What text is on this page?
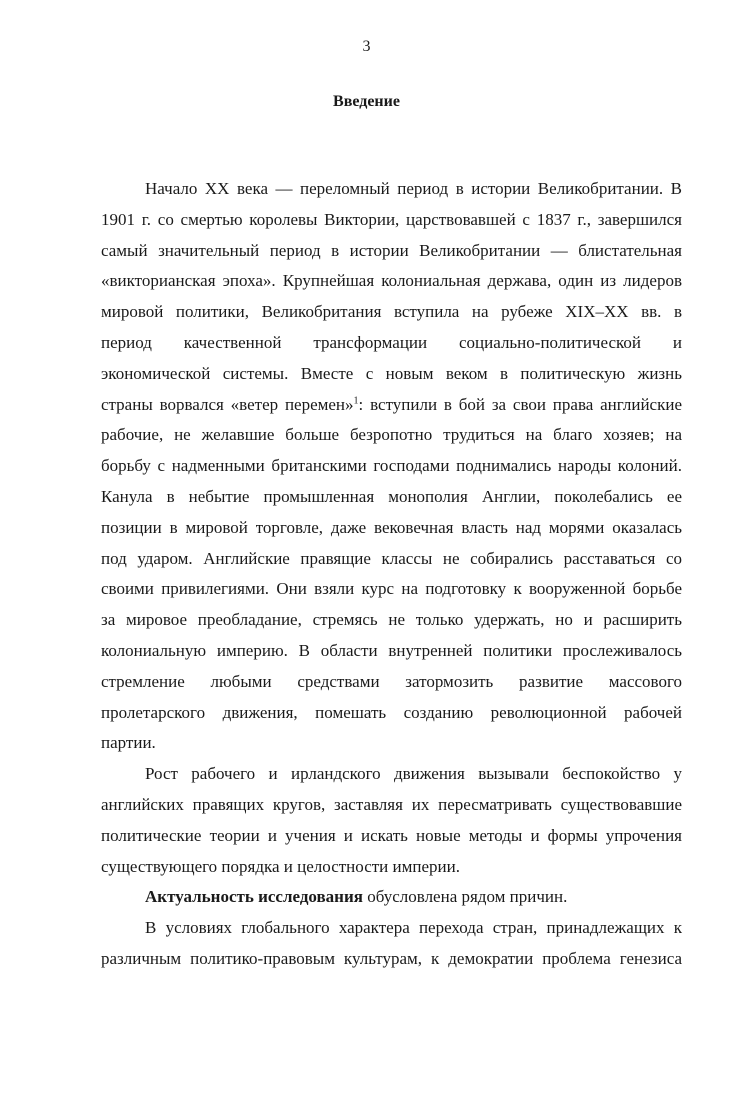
3
Введение
Начало XX века — переломный период в истории Великобритании. В
1901 г. со смертью королевы Виктории, царствовавшей с 1837 г., завершился
самый значительный период в истории Великобритании — блистательная
«викторианская эпоха». Крупнейшая колониальная держава, один из лидеров
мировой политики, Великобритания вступила на рубеже XIX–XX вв. в
период качественной трансформации социально-политической и
экономической системы. Вместе с новым веком в политическую жизнь
страны ворвался «ветер перемен»$^1$: вступили в бой за свои права английские
рабочие, не желавшие больше безропотно трудиться на благо хозяев; на
борьбу с надменными британскими господами поднимались народы колоний.
Канула в небытие промышленная монополия Англии, поколебались ее
позиции в мировой торговле, даже вековечная власть над морями оказалась
под ударом. Английские правящие классы не собирались расставаться со
своими привилегиями. Они взяли курс на подготовку к вооруженной борьбе
за мировое преобладание, стремясь не только удержать, но и расширить
колониальную империю. В области внутренней политики прослеживалось
стремление любыми средствами затормозить развитие массового
пролетарского движения, помешать созданию революционной рабочей
партии.
Рост рабочего и ирландского движения вызывали беспокойство у
английских правящих кругов, заставляя их пересматривать существовавшие
политические теории и учения и искать новые методы и формы упрочения
существующего порядка и целостности империи.
Актуальность исследования обусловлена рядом причин.
В условиях глобального характера перехода стран, принадлежащих к
различным политико-правовым культурам, к демократии проблема генезиса
